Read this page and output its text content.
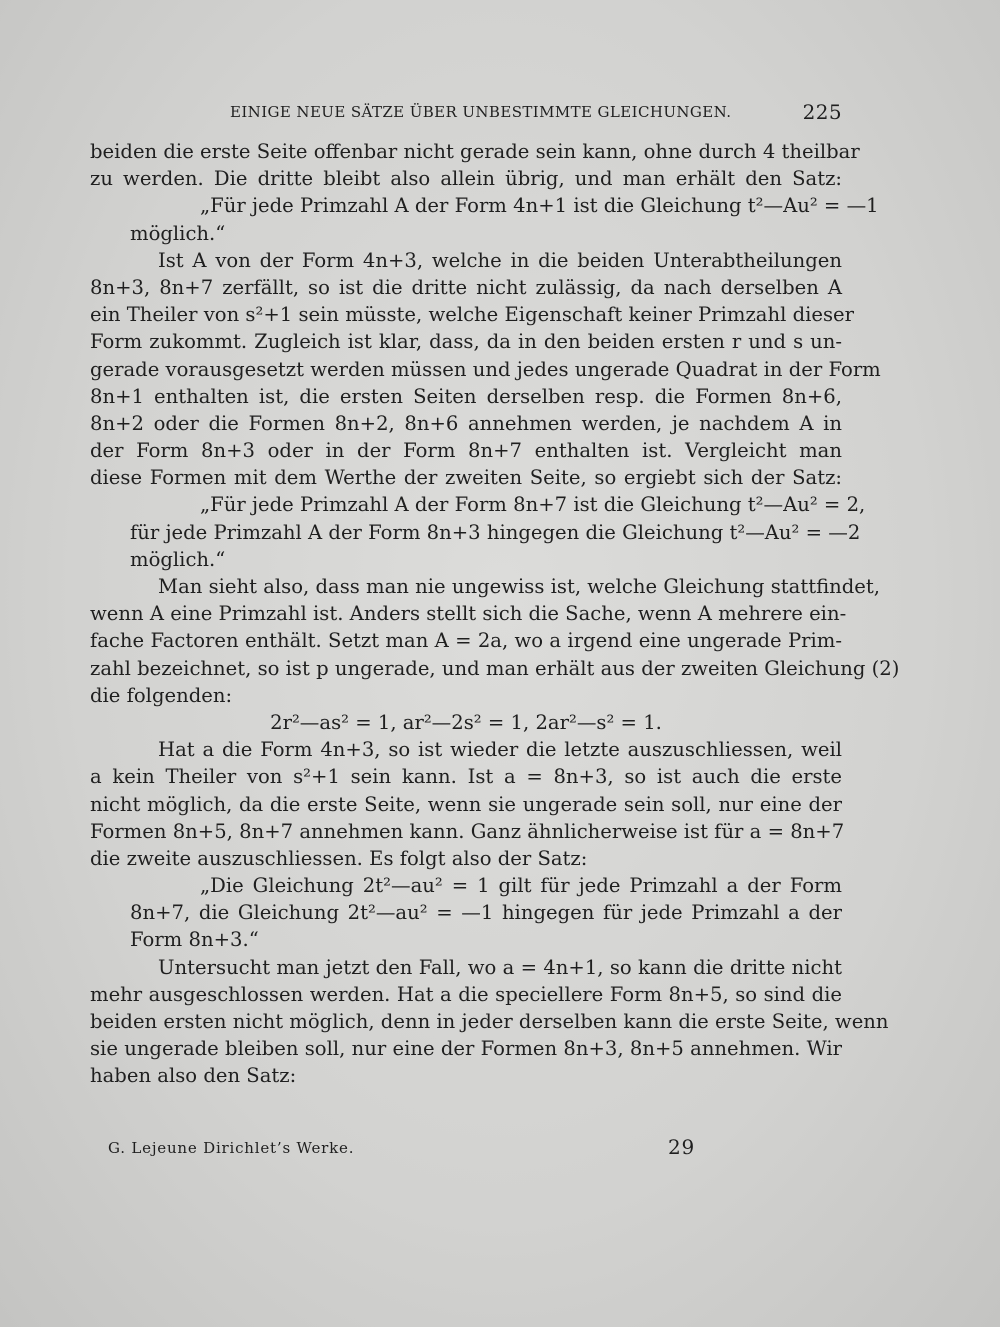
EINIGE NEUE SÄTZE ÜBER UNBESTIMMTE GLEICHUNGEN.	225
beiden die erste Seite offenbar nicht gerade sein kann, ohne durch 4 theilbar
zu werden. Die dritte bleibt also allein übrig, und man erhält den Satz:
„Für jede Primzahl A der Form 4n+1 ist die Gleichung t²—Au² = —1
möglich.“
Ist A von der Form 4n+3, welche in die beiden Unterabtheilungen
8n+3, 8n+7 zerfällt, so ist die dritte nicht zulässig, da nach derselben A
ein Theiler von s²+1 sein müsste, welche Eigenschaft keiner Primzahl dieser
Form zukommt. Zugleich ist klar, dass, da in den beiden ersten r und s un-
gerade vorausgesetzt werden müssen und jedes ungerade Quadrat in der Form
8n+1 enthalten ist, die ersten Seiten derselben resp. die Formen 8n+6,
8n+2 oder die Formen 8n+2, 8n+6 annehmen werden, je nachdem A in
der Form 8n+3 oder in der Form 8n+7 enthalten ist. Vergleicht man
diese Formen mit dem Werthe der zweiten Seite, so ergiebt sich der Satz:
„Für jede Primzahl A der Form 8n+7 ist die Gleichung t²—Au² = 2,
für jede Primzahl A der Form 8n+3 hingegen die Gleichung t²—Au² = —2
möglich.“
Man sieht also, dass man nie ungewiss ist, welche Gleichung stattfindet,
wenn A eine Primzahl ist. Anders stellt sich die Sache, wenn A mehrere ein-
fache Factoren enthält. Setzt man A = 2a, wo a irgend eine ungerade Prim-
zahl bezeichnet, so ist p ungerade, und man erhält aus der zweiten Gleichung (2)
die folgenden:
2r²—as² = 1, ar²—2s² = 1, 2ar²—s² = 1.
Hat a die Form 4n+3, so ist wieder die letzte auszuschliessen, weil
a kein Theiler von s²+1 sein kann. Ist a = 8n+3, so ist auch die erste
nicht möglich, da die erste Seite, wenn sie ungerade sein soll, nur eine der
Formen 8n+5, 8n+7 annehmen kann. Ganz ähnlicherweise ist für a = 8n+7
die zweite auszuschliessen. Es folgt also der Satz:
„Die Gleichung 2t²—au² = 1 gilt für jede Primzahl a der Form
8n+7, die Gleichung 2t²—au² = —1 hingegen für jede Primzahl a der
Form 8n+3.“
Untersucht man jetzt den Fall, wo a = 4n+1, so kann die dritte nicht
mehr ausgeschlossen werden. Hat a die speciellere Form 8n+5, so sind die
beiden ersten nicht möglich, denn in jeder derselben kann die erste Seite, wenn
sie ungerade bleiben soll, nur eine der Formen 8n+3, 8n+5 annehmen. Wir
haben also den Satz:
G. Lejeune Dirichlet’s Werke.	29
